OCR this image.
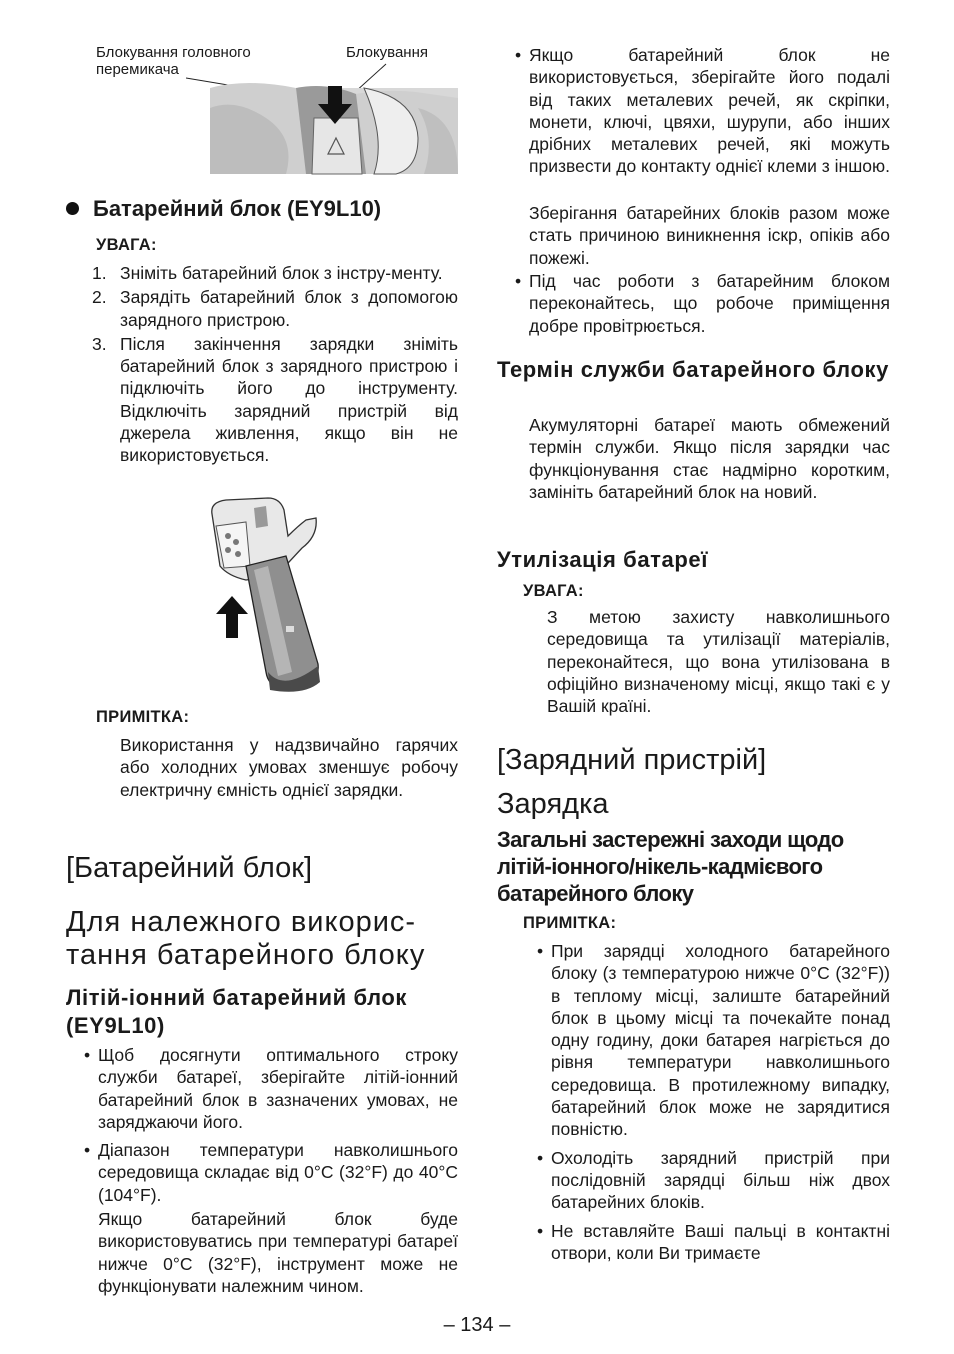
Блокування головного перемикача

Блокування

Батарейний блок (EY9L10)

УВАГА:

1. Зніміть батарейний блок з інстру-менту.
2. Зарядіть батарейний блок з допомогою зарядного пристрою.
3. Після закінчення зарядки зніміть батарейний блок з зарядного пристрою і підключіть його до інструменту. Відключіть зарядний пристрій від джерела живлення, якщо він не використовується.

ПРИМІТКА:

Використання у надзвичайно гарячих або холодних умовах зменшує робочу електричну ємність однієї зарядки.

[Батарейний блок]

Для належного викорис-тання батарейного блоку

Літій-іонний батарейний блок (EY9L10)

• Щоб досягнути оптимального строку служби батареї, зберігайте літій-іонний батарейний блок в зазначених умовах, не заряджаючи його.
• Діапазон температури навколишнього середовища складає від 0°C (32°F) до 40°C (104°F).

Якщо батарейний блок буде використовуватись при температурі батареї нижче 0°C (32°F), інструмент може не функціонувати належним чином.

• Якщо батарейний блок не використовується, зберігайте його подалі від таких металевих речей, як скріпки, монети, ключі, цвяхи, шурупи, або інших дрібних металевих речей, які можуть призвести до контакту однієї клеми з іншою.

Зберігання батарейних блоків разом може стать причиною виникнення іскр, опіків або пожежі.

• Під час роботи з батарейним блоком переконайтесь, що робоче приміщення добре провітрюється.

Термін служби батарейного блоку

Акумуляторні батареї мають обмежений термін служби. Якщо після зарядки час функціонування стає надмірно коротким, замініть батарейний блок на новий.

Утилізація батареї

УВАГА:

З метою захисту навколишнього середовища та утилізації матеріалів, переконайтеся, що вона утилізована в офіційно визначеному місці, якщо такі є у Вашій країні.

[Зарядний пристрій]

Зарядка

Загальні застережні заходи щодо літій-іонного/нікель-кадмієвого батарейного блоку

ПРИМІТКА:

• При зарядці холодного батарейного блоку (з температурою нижче 0°C (32°F)) в теплому місці, залиште батарейний блок в цьому місці та почекайте понад одну годину, доки батарея нагріється до рівня температури навколишнього середовища. В протилежному випадку, батарейний блок може не зарядитися повністю.
• Охолодіть зарядний пристрій при послідовній зарядці більш ніж двох батарейних блоків.
• Не вставляйте Ваші пальці в контактні отвори, коли Ви тримаєте
– 134 –
